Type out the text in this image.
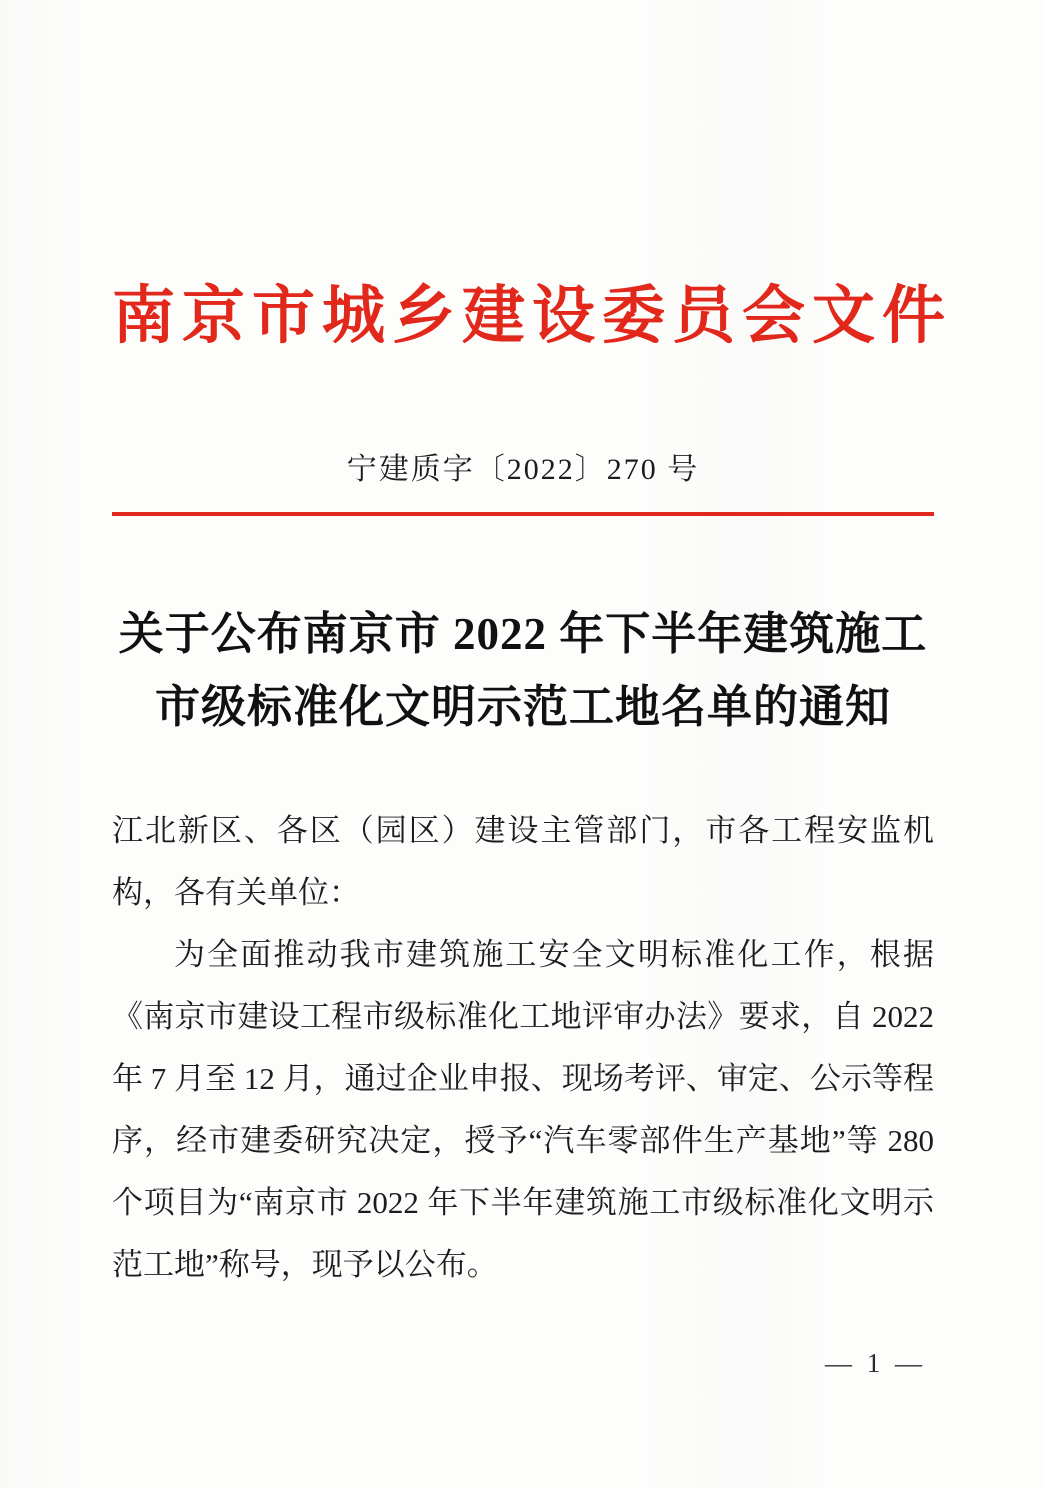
南京市城乡建设委员会文件
宁建质字〔2022〕270 号
关于公布南京市 2022 年下半年建筑施工
市级标准化文明示范工地名单的通知

江北新区、各区（园区）建设主管部门，市各工程安监机构，各有关单位：

为全面推动我市建筑施工安全文明标准化工作，根据《南京市建设工程市级标准化工地评审办法》要求，自 2022 年 7 月至 12 月，通过企业申报、现场考评、审定、公示等程序，经市建委研究决定，授予“汽车零部件生产基地”等 280 个项目为“南京市 2022 年下半年建筑施工市级标准化文明示范工地”称号，现予以公布。

— 1 —
